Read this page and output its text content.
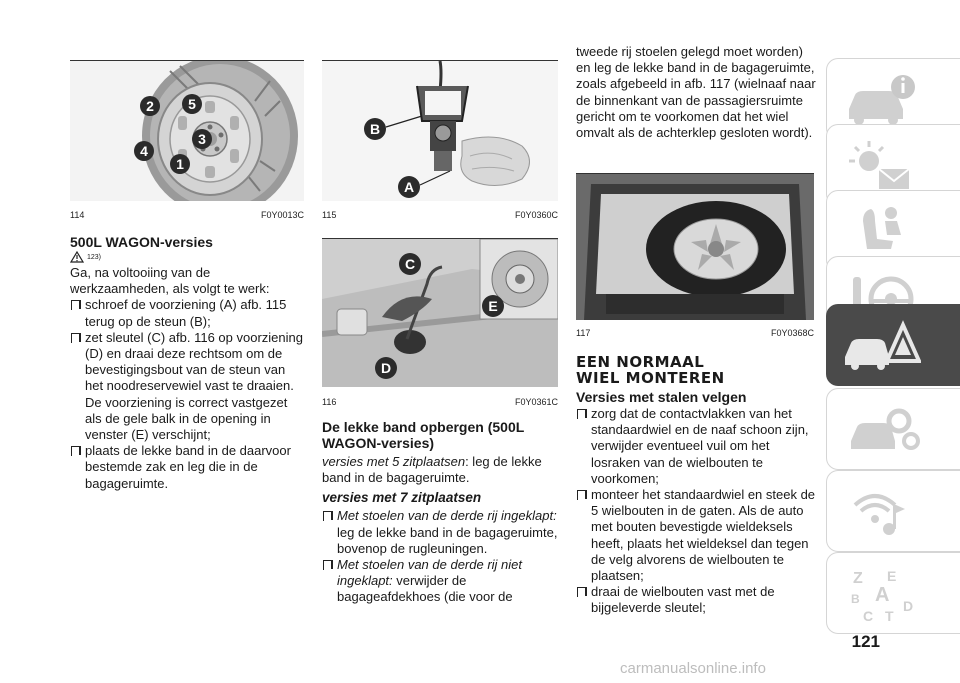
2	5
3
4
1
114	F0Y0013C
500L WAGON-versies
123)
Ga, na voltooiing van de werkzaamheden, als volgt te werk:
schroef de voorziening (A) afb. 115 terug op de steun (B);
zet sleutel (C) afb. 116 op voorziening (D) en draai deze rechtsom om de bevestigingsbout van de steun van het noodreservewiel vast te draaien. De voorziening is correct vastgezet als de gele balk in de opening in venster (E) verschijnt;
plaats de lekke band in de daarvoor bestemde zak en leg die in de bagageruimte.
B
A
115	F0Y0360C
C
E
D
116	F0Y0361C
De lekke band opbergen (500L WAGON-versies)
versies met 5 zitplaatsen: leg de lekke band in de bagageruimte.
versies met 7 zitplaatsen
Met stoelen van de derde rij ingeklapt: leg de lekke band in de bagageruimte, bovenop de rugleuningen.
Met stoelen van de derde rij niet ingeklapt: verwijder de bagageafdekhoes (die voor de
tweede rij stoelen gelegd moet worden) en leg de lekke band in de bagageruimte, zoals afgebeeld in afb. 117 (wielnaaf naar de binnenkant van de passagiersruimte gericht om te voorkomen dat het wiel omvalt als de achterklep gesloten wordt).
117	F0Y0368C
EEN NORMAAL WIEL MONTEREN
Versies met stalen velgen
zorg dat de contactvlakken van het standaardwiel en de naaf schoon zijn, verwijder eventueel vuil om het losraken van de wielbouten te voorkomen;
monteer het standaardwiel en steek de 5 wielbouten in de gaten. Als de auto met bouten bevestigde wieldeksels heeft, plaats het wieldeksel dan tegen de velg alvorens de wielbouten te plaatsen;
draai de wielbouten vast met de bijgeleverde sleutel;
Z E
B A
C T
D
121
carmanualsonline.info
